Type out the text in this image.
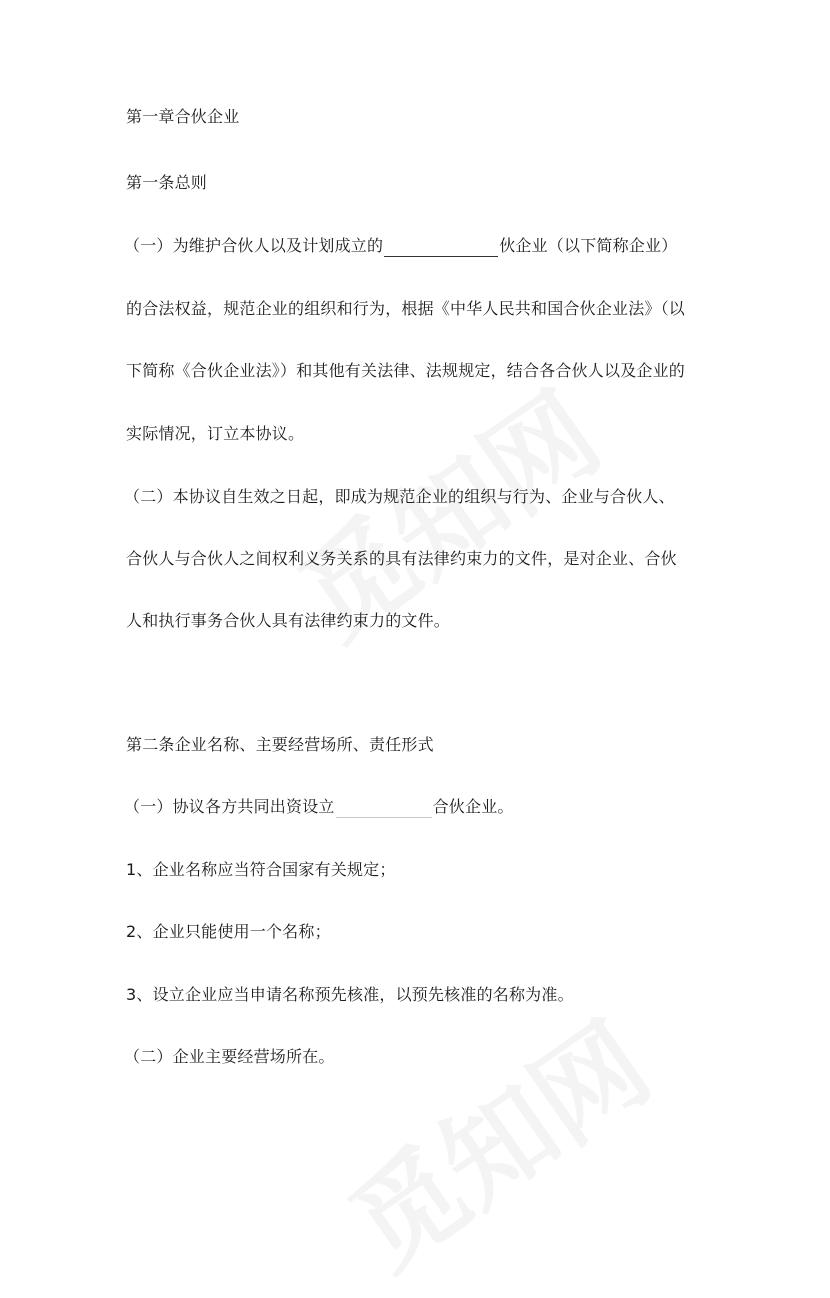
第一章合伙企业
第一条总则
（一）为维护合伙人以及计划成立的	伙企业（以下简称企业）
的合法权益，规范企业的组织和行为，根据《中华人民共和国合伙企业法》（以
下简称《合伙企业法》）和其他有关法律、法规规定，结合各合伙人以及企业的
实际情况，订立本协议。
（二）本协议自生效之日起，即成为规范企业的组织与行为、企业与合伙人、
合伙人与合伙人之间权利义务关系的具有法律约束力的文件，是对企业、合伙
人和执行事务合伙人具有法律约束力的文件。
第二条企业名称、主要经营场所、责任形式
（一）协议各方共同出资设立	合伙企业。
1、企业名称应当符合国家有关规定；
2、企业只能使用一个名称；
3、设立企业应当申请名称预先核准，以预先核准的名称为准。
（二）企业主要经营场所在。
